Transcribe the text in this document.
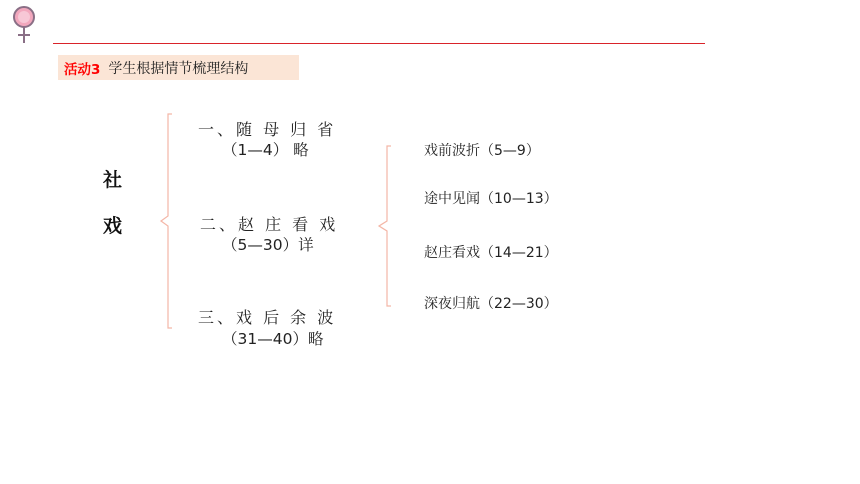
活动3 学生根据情节梳理结构
社
戏
一、随 母 归 省
（1—4） 略
二、赵 庄 看 戏
（5—30）详
三、戏 后 余 波
（31—40）略
戏前波折（5—9）
途中见闻（10—13）
赵庄看戏（14—21）
深夜归航（22—30）
